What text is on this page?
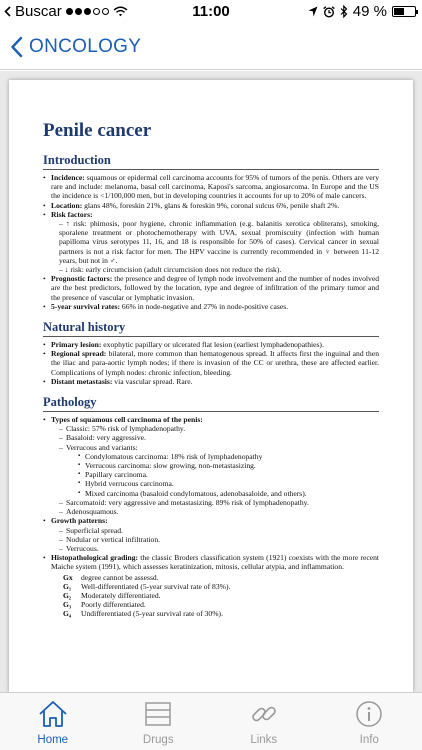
Buscar	11:00	49 %
ONCOLOGY
Penile cancer
Introduction
• Incidence: squamous or epidermal cell carcinoma accounts for 95% of tumors of the penis. Others are very rare and include: melanoma, basal cell carcinoma, Kaposi's sarcoma, angiosarcoma. In Europe and the US the incidence is <1/100,000 men, but in developing countries it accounts for up to 20% of male cancers.
• Location: glans 48%, foreskin 21%, glans & foreskin 9%, coronal sulcus 6%, penile shaft 2%.
• Risk factors:
– ↑ risk: phimosis, poor hygiene, chronic inflammation (e.g. balanitis xerotica obliterans), smoking, sporalene treatment or photochemotherapy with UVA, sexual promiscuity (infection with human papilloma virus serotypes 11, 16, and 18 is responsible for 50% of cases). Cervical cancer in sexual partners is not a risk factor for men. The HPV vaccine is currently recommended in ♀ between 11-12 years, but not in ♂.
– ↓ risk: early circumcision (adult circumcision does not reduce the risk).
• Prognostic factors: the presence and degree of lymph node involvement and the number of nodes involved are the best predictors, followed by the location, type and degree of infiltration of the primary tumor and the presence of vascular or lymphatic invasion.
• 5-year survival rates: 66% in node-negative and 27% in node-positive cases.
Natural history
• Primary lesion: exophytic papillary or ulcerated flat lesion (earliest lymphadenopathies).
• Regional spread: bilateral, more common than hematogenous spread. It affects first the inguinal and then the iliac and para-aortic lymph nodes; if there is invasion of the CC or urethra, these are affected earlier. Complications of lymph nodes: chronic infection, bleeding.
• Distant metastasis: via vascular spread. Rare.
Pathology
• Types of squamous cell carcinoma of the penis:
– Classic: 57% risk of lymphadenopathy.
– Basaloid: very aggressive.
– Verrucous and variants:
▪ Condylomatous carcinoma: 18% risk of lymphadenopathy
▪ Verrucous carcinoma: slow growing, non-metastasizing.
▪ Papillary carcinoma.
▪ Hybrid verrucous carcinoma.
▪ Mixed carcinoma (basaloid condylomatous, adenobasaloide, and others).
– Sarcomatoid: very aggressive and metastasizing. 89% risk of lymphadenopathy.
– Adenosquamous.
• Growth patterns:
– Superficial spread.
– Nodular or vertical infiltration.
– Verrucous.
• Histopathological grading: the classic Broders classification system (1921) coexists with the more recent Maiche system (1991), which assesses keratinization, mitosis, cellular atypia, and inflammation.
Gx	degree cannot be assessd.
G₁	Well-differentiated (5-year survival rate of 83%).
G₂	Moderately differentiated.
G₃	Poorly differentiated.
G₄	Undifferentiated (5-year survival rate of 30%).
Home	Drugs	Links	Info
